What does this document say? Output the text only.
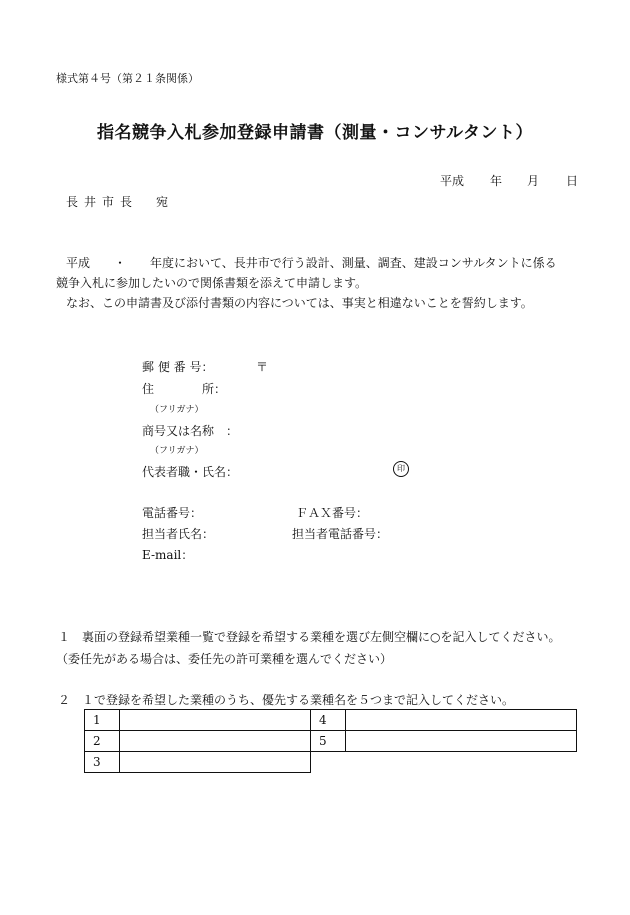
様式第４号（第２１条関係）
指名競争入札参加登録申請書（測量・コンサルタント）
平成 年 月 日
長井市長　宛
平成　　・　　年度において、長井市で行う設計、測量、調査、建設コンサルタントに係る
競争入札に参加したいので関係書類を添えて申請します。
なお、この申請書及び添付書類の内容については、事実と相違ないことを誓約します。
郵 便 番 号：	〒
住　　　　所：
（フリガナ）
商号又は名称　：
（フリガナ）
代表者職・氏名：	印
電話番号：	ＦＡＸ番号：
担当者氏名：	担当者電話番号：
E-mail：
１　裏面の登録希望業種一覧で登録を希望する業種を選び左側空欄に○を記入してください。
（委任先がある場合は、委任先の許可業種を選んでください）
２　１で登録を希望した業種のうち、優先する業種名を５つまで記入してください。
1		4	
2		5	
3			
